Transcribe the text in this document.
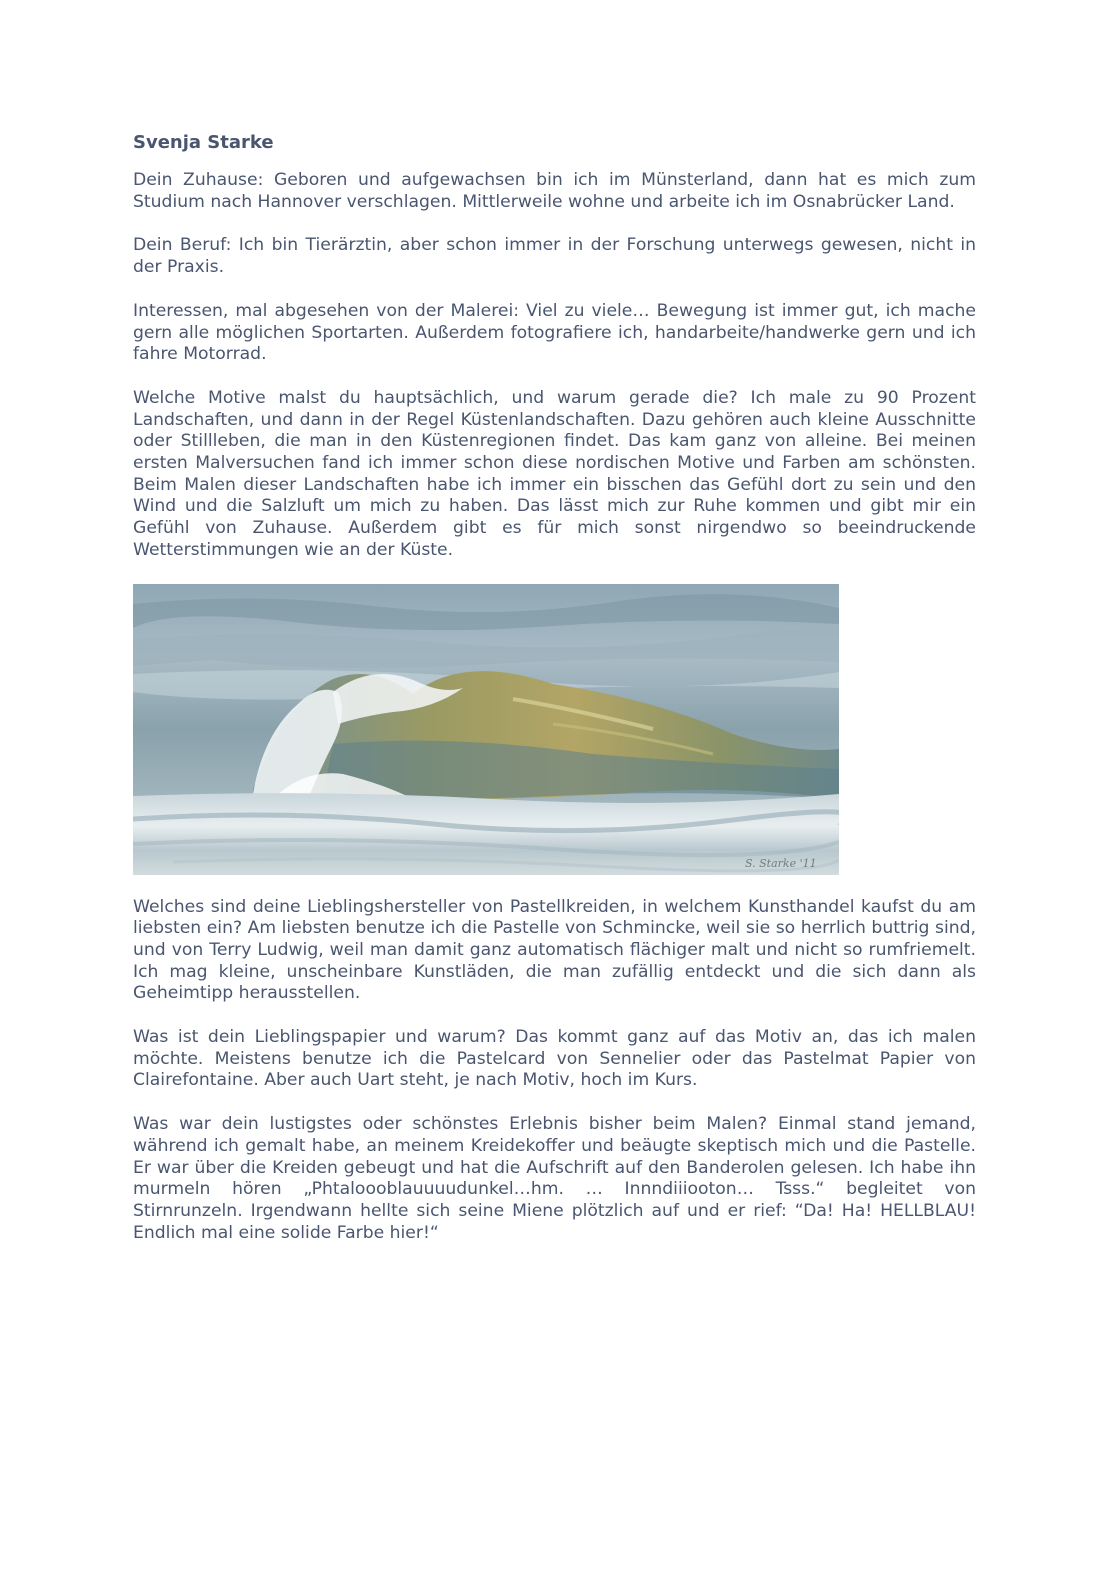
Svenja Starke

Dein Zuhause: Geboren und aufgewachsen bin ich im Münsterland, dann hat es mich zum Studium nach Hannover verschlagen. Mittlerweile wohne und arbeite ich im Osnabrücker Land.

Dein Beruf: Ich bin Tierärztin, aber schon immer in der Forschung unterwegs gewesen, nicht in der Praxis.

Interessen, mal abgesehen von der Malerei: Viel zu viele… Bewegung ist immer gut, ich mache gern alle möglichen Sportarten. Außerdem fotografiere ich, handarbeite/handwerke gern und ich fahre Motorrad.

Welche Motive malst du hauptsächlich, und warum gerade die? Ich male zu 90 Prozent Landschaften, und dann in der Regel Küstenlandschaften. Dazu gehören auch kleine Ausschnitte oder Stillleben, die man in den Küstenregionen findet. Das kam ganz von alleine. Bei meinen ersten Malversuchen fand ich immer schon diese nordischen Motive und Farben am schönsten. Beim Malen dieser Landschaften habe ich immer ein bisschen das Gefühl dort zu sein und den Wind und die Salzluft um mich zu haben. Das lässt mich zur Ruhe kommen und gibt mir ein Gefühl von Zuhause. Außerdem gibt es für mich sonst nirgendwo so beeindruckende Wetterstimmungen wie an der Küste.

S. Starke '11

Welches sind deine Lieblingshersteller von Pastellkreiden, in welchem Kunsthandel kaufst du am liebsten ein? Am liebsten benutze ich die Pastelle von Schmincke, weil sie so herrlich buttrig sind, und von Terry Ludwig, weil man damit ganz automatisch flächiger malt und nicht so rumfriemelt. Ich mag kleine, unscheinbare Kunstläden, die man zufällig entdeckt und die sich dann als Geheimtipp herausstellen.

Was ist dein Lieblingspapier und warum? Das kommt ganz auf das Motiv an, das ich malen möchte. Meistens benutze ich die Pastelcard von Sennelier oder das Pastelmat Papier von Clairefontaine. Aber auch Uart steht, je nach Motiv, hoch im Kurs.

Was war dein lustigstes oder schönstes Erlebnis bisher beim Malen? Einmal stand jemand, während ich gemalt habe, an meinem Kreidekoffer und beäugte skeptisch mich und die Pastelle. Er war über die Kreiden gebeugt und hat die Aufschrift auf den Banderolen gelesen. Ich habe ihn murmeln hören „Phtaloooblauuuudunkel…hm. … Innndiiiooton… Tsss.“ begleitet von Stirnrunzeln. Irgendwann hellte sich seine Miene plötzlich auf und er rief: “Da! Ha! HELLBLAU! Endlich mal eine solide Farbe hier!“
